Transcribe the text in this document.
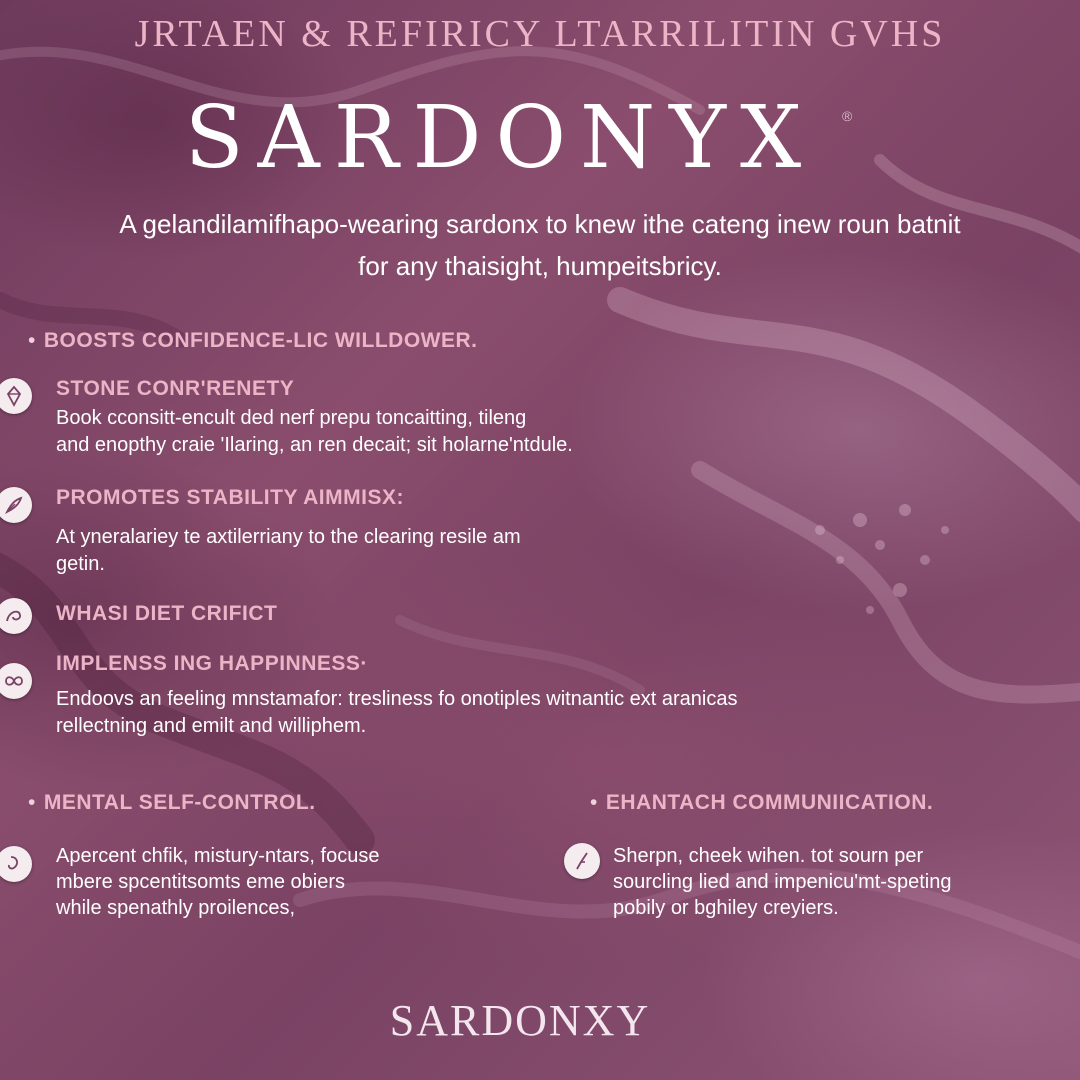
JRTAEN & REFIRICY LTARRILITIN GVHS
SARDONYX	®
A gelandilamifhapo-wearing sardonx to knew ithe cateng inew roun batnit
for any thaisight, humpeitsbricy.
• BOOSTS CONFIDENCE-LIC WILLDOWER.
STONE CONR'RENETY
Book cconsitt-encult ded nerf prepu toncaitting, tileng
and enopthy craie 'Ilaring, an ren decait; sit holarne'ntdule.
PROMOTES STABILITY AIMMISX:
At yneralariey te axtilerriany to the clearing resile am
getin.
WHASI DIET CRIFICT
IMPLENSS ING HAPPINNESS·
Endoovs an feeling mnstamafor: tresliness fo onotiples witnantic ext aranicas
rellectning and emilt and williphem.
• MENTAL SELF-CONTROL.
Apercent chfik, mistury-ntars, focuse
mbere spcentitsomts eme obiers
while spenathly proilences,
• EHANTACH COMMUNIICATION.
Sherpn, cheek wihen. tot sourn per
sourcling lied and impenicu'mt-speting
pobily or bghiley creyiers.
SARDONXY
